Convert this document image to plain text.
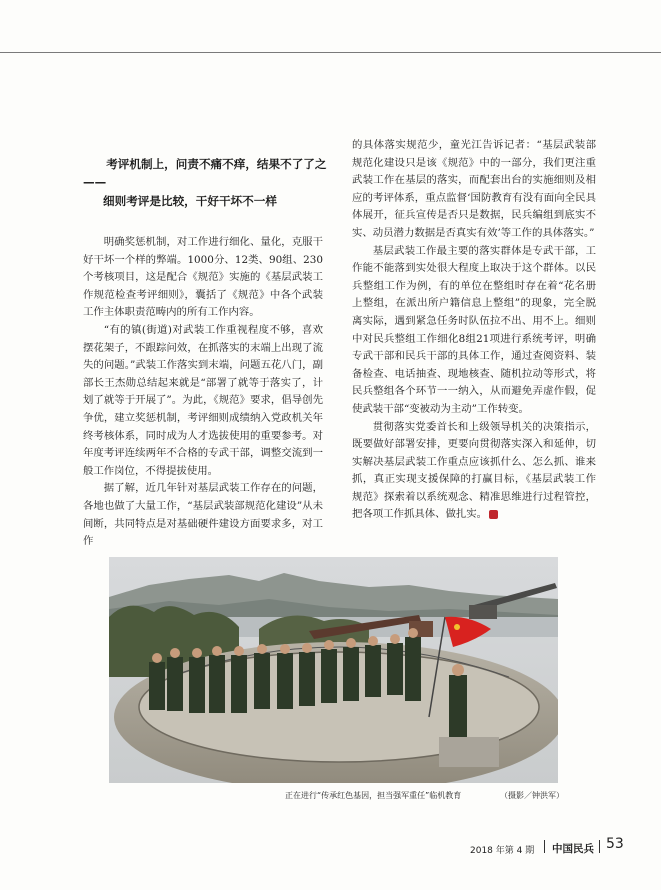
考评机制上，问责不痛不痒，结果不了了之——
细则考评是比较，干好干坏不一样

明确奖惩机制，对工作进行细化、量化，克服干好干坏一个样的弊端。1000分、12类、90组、230个考核项目，这是配合《规范》实施的《基层武装工作规范检查考评细则》，囊括了《规范》中各个武装工作主体职责范畴内的所有工作内容。

“有的镇(街道)对武装工作重视程度不够，喜欢摆花架子，不跟踪问效，在抓落实的末端上出现了流失的问题。”武装工作落实到末端，问题五花八门，副部长王杰勋总结起来就是“部署了就等于落实了，计划了就等于开展了”。为此，《规范》要求，倡导创先争优，建立奖惩机制，考评细则成绩纳入党政机关年终考核体系，同时成为人才选拔使用的重要参考。对年度考评连续两年不合格的专武干部，调整交流到一般工作岗位，不得提拔使用。

据了解，近几年针对基层武装工作存在的问题，各地也做了大量工作，“基层武装部规范化建设”从未间断，共同特点是对基础硬件建设方面要求多，对工作

的具体落实规范少，童光江告诉记者：“基层武装部规范化建设只是该《规范》中的一部分，我们更注重武装工作在基层的落实，而配套出台的实施细则及相应的考评体系，重点监督‘国防教育有没有面向全民具体展开，征兵宣传是否只是数据，民兵编组到底实不实、动员潜力数据是否真实有效’等工作的具体落实。”

基层武装工作最主要的落实群体是专武干部，工作能不能落到实处很大程度上取决于这个群体。以民兵整组工作为例，有的单位在整组时存在着“花名册上整组，在派出所户籍信息上整组”的现象，完全脱离实际，遇到紧急任务时队伍拉不出、用不上。细则中对民兵整组工作细化8组21项进行系统考评，明确专武干部和民兵干部的具体工作，通过查阅资料、装备检查、电话抽查、现地核查、随机拉动等形式，将民兵整组各个环节一一纳入，从而避免弄虚作假，促使武装干部“变被动为主动”工作转变。

贯彻落实党委首长和上级领导机关的决策指示，既要做好部署安排，更要向贯彻落实深入和延伸，切实解决基层武装工作重点应该抓什么、怎么抓、谁来抓，真正实现支援保障的打赢目标，《基层武装工作规范》探索着以系统观念、精准思维进行过程管控，把各项工作抓具体、做扎实。

正在进行“传承红色基因，担当强军重任”临机教育	（摄影／钟洪军）
2018 年第 4 期 中国民兵 53
